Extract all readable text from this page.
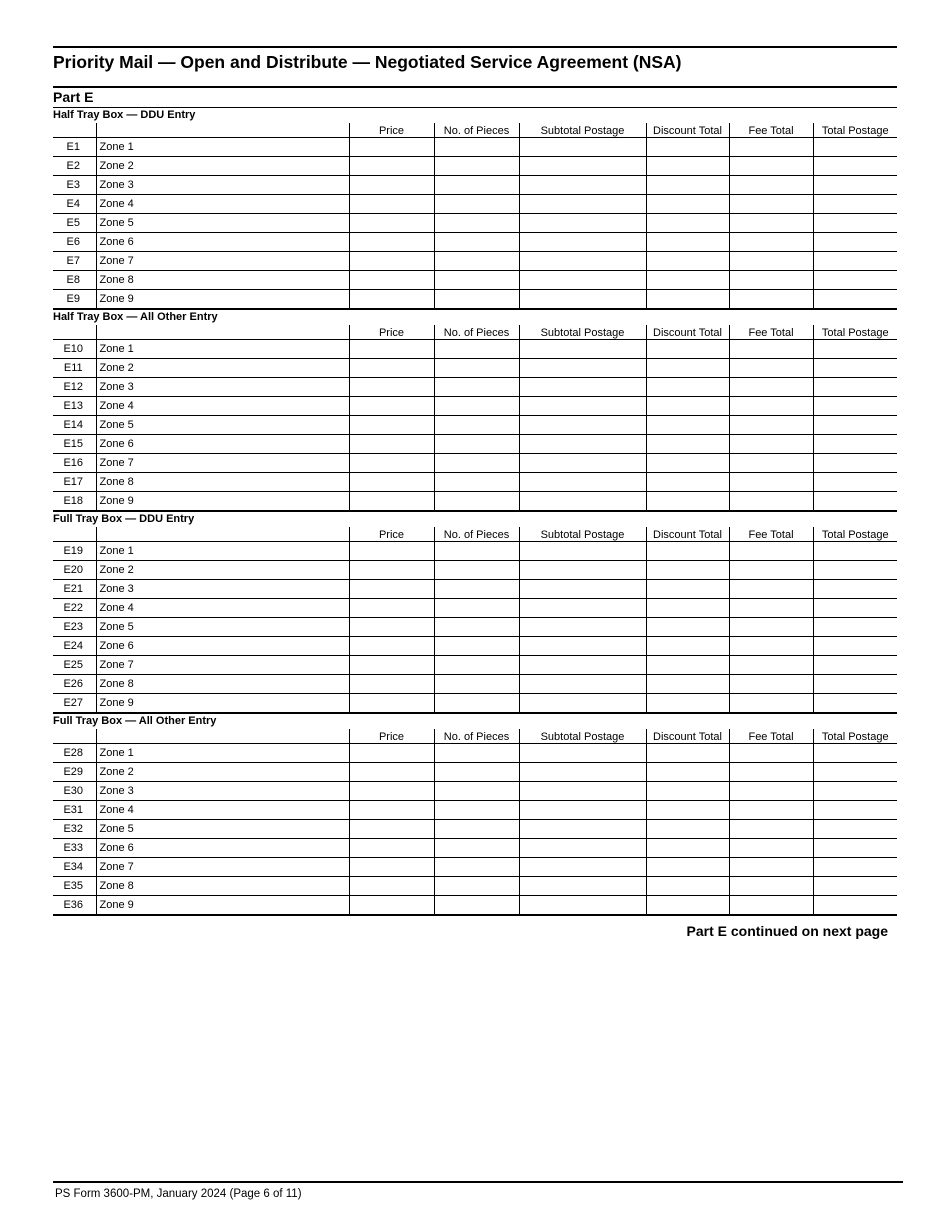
Priority Mail — Open and Distribute — Negotiated Service Agreement (NSA)
Part E
Half Tray Box — DDU Entry
		Price	No. of Pieces	Subtotal Postage	Discount Total	Fee Total	Total Postage
E1	Zone 1						
E2	Zone 2						
E3	Zone 3						
E4	Zone 4						
E5	Zone 5						
E6	Zone 6						
E7	Zone 7						
E8	Zone 8						
E9	Zone 9						
Half Tray Box — All Other Entry
		Price	No. of Pieces	Subtotal Postage	Discount Total	Fee Total	Total Postage
E10	Zone 1						
E11	Zone 2						
E12	Zone 3						
E13	Zone 4						
E14	Zone 5						
E15	Zone 6						
E16	Zone 7						
E17	Zone 8						
E18	Zone 9						
Full Tray Box — DDU Entry
		Price	No. of Pieces	Subtotal Postage	Discount Total	Fee Total	Total Postage
E19	Zone 1						
E20	Zone 2						
E21	Zone 3						
E22	Zone 4						
E23	Zone 5						
E24	Zone 6						
E25	Zone 7						
E26	Zone 8						
E27	Zone 9						
Full Tray Box — All Other Entry
		Price	No. of Pieces	Subtotal Postage	Discount Total	Fee Total	Total Postage
E28	Zone 1						
E29	Zone 2						
E30	Zone 3						
E31	Zone 4						
E32	Zone 5						
E33	Zone 6						
E34	Zone 7						
E35	Zone 8						
E36	Zone 9						
Part E continued on next page
PS Form 3600-PM, January 2024 (Page 6 of 11)
